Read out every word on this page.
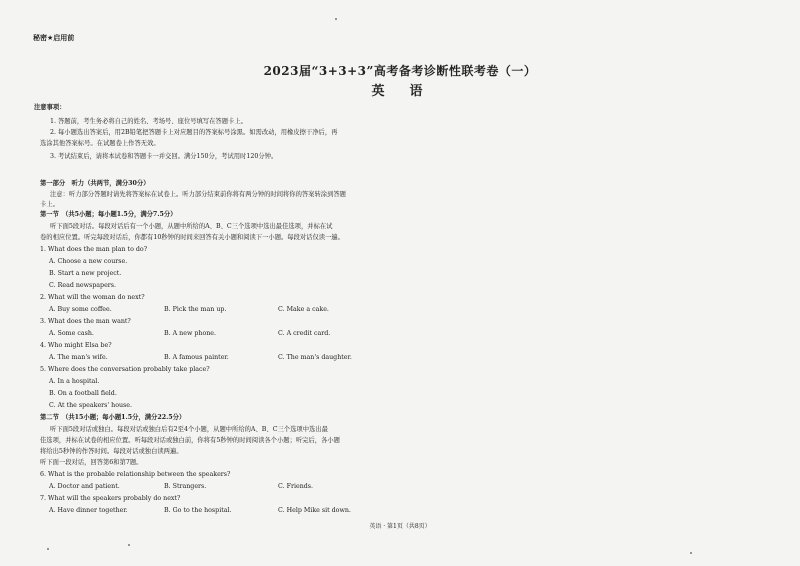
秘密★启用前
2023届“3+3+3”高考备考诊断性联考卷（一）
英　语
注意事项：
1. 答题前，考生务必将自己的姓名、考场号、座位号填写在答题卡上。
2. 每小题选出答案后，用2B铅笔把答题卡上对应题目的答案标号涂黑。如需改动，用橡皮擦干净后，再
选涂其他答案标号。在试题卷上作答无效。
3. 考试结束后，请将本试卷和答题卡一并交回。满分150分，考试用时120分钟。
第一部分　听力（共两节，满分30分）
注意：听力部分答题时请先将答案标在试卷上。听力部分结束前你将有两分钟的时间将你的答案转涂到答题
卡上。
第一节　（共5小题；每小题1.5分，满分7.5分）
听下面5段对话。每段对话后有一个小题，从题中所给的A、B、C三个选项中选出最佳选项，并标在试
卷的相应位置。听完每段对话后，你都有10秒钟的时间来回答有关小题和阅读下一小题。每段对话仅读一遍。
1. What does the man plan to do?
A. Choose a new course.
B. Start a new project.
C. Read newspapers.
2. What will the woman do next?
A. Buy some coffee.	B. Pick the man up.	C. Make a cake.
3. What does the man want?
A. Some cash.	B. A new phone.	C. A credit card.
4. Who might Elsa be?
A. The man's wife.	B. A famous painter.	C. The man's daughter.
5. Where does the conversation probably take place?
A. In a hospital.
B. On a football field.
C. At the speakers' house.
第二节　（共15小题；每小题1.5分，满分22.5分）
听下面5段对话或独白。每段对话或独白后有2至4个小题，从题中所给的A、B、C三个选项中选出最
佳选项，并标在试卷的相应位置。听每段对话或独白前，你将有5秒钟的时间阅读各个小题；听完后，各小题
将给出5秒钟的作答时间。每段对话或独白读两遍。
听下面一段对话，回答第6和第7题。
6. What is the probable relationship between the speakers?
A. Doctor and patient.	B. Strangers.	C. Friends.
7. What will the speakers probably do next?
A. Have dinner together.	B. Go to the hospital.	C. Help Mike sit down.
英语 · 第1页（共8页）
